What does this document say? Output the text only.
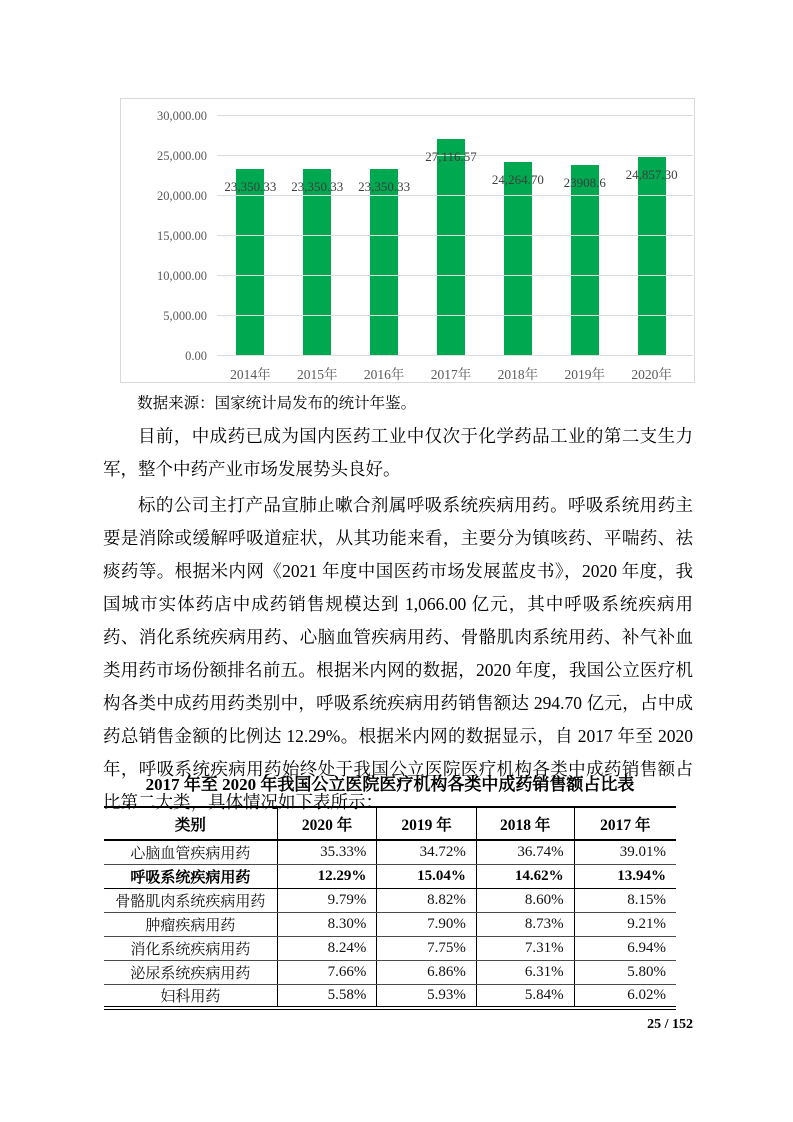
0.00
5,000.00
10,000.00
15,000.00
20,000.00
25,000.00
30,000.00
23,350.33
2014年
23,350.33
2015年
23,350.33
2016年
27,116.57
2017年
24,264.70
2018年
23908.6
2019年
24,857.30
2020年

数据来源：国家统计局发布的统计年鉴。

目前，中成药已成为国内医药工业中仅次于化学药品工业的第二支生力军，整个中药产业市场发展势头良好。

标的公司主打产品宣肺止嗽合剂属呼吸系统疾病用药。呼吸系统用药主要是消除或缓解呼吸道症状，从其功能来看，主要分为镇咳药、平喘药、祛痰药等。根据米内网《2021 年度中国医药市场发展蓝皮书》，2020 年度，我国城市实体药店中成药销售规模达到 1,066.00 亿元，其中呼吸系统疾病用药、消化系统疾病用药、心脑血管疾病用药、骨骼肌肉系统用药、补气补血类用药市场份额排名前五。根据米内网的数据，2020 年度，我国公立医疗机构各类中成药用药类别中，呼吸系统疾病用药销售额达 294.70 亿元，占中成药总销售金额的比例达 12.29%。根据米内网的数据显示，自 2017 年至 2020 年，呼吸系统疾病用药始终处于我国公立医院医疗机构各类中成药销售额占比第二大类，具体情况如下表所示：

2017 年至 2020 年我国公立医院医疗机构各类中成药销售额占比表
类别	2020 年	2019 年	2018 年	2017 年
心脑血管疾病用药	35.33%	34.72%	36.74%	39.01%
呼吸系统疾病用药	12.29%	15.04%	14.62%	13.94%
骨骼肌肉系统疾病用药	9.79%	8.82%	8.60%	8.15%
肿瘤疾病用药	8.30%	7.90%	8.73%	9.21%
消化系统疾病用药	8.24%	7.75%	7.31%	6.94%
泌尿系统疾病用药	7.66%	6.86%	6.31%	5.80%
妇科用药	5.58%	5.93%	5.84%	6.02%
25 / 152
